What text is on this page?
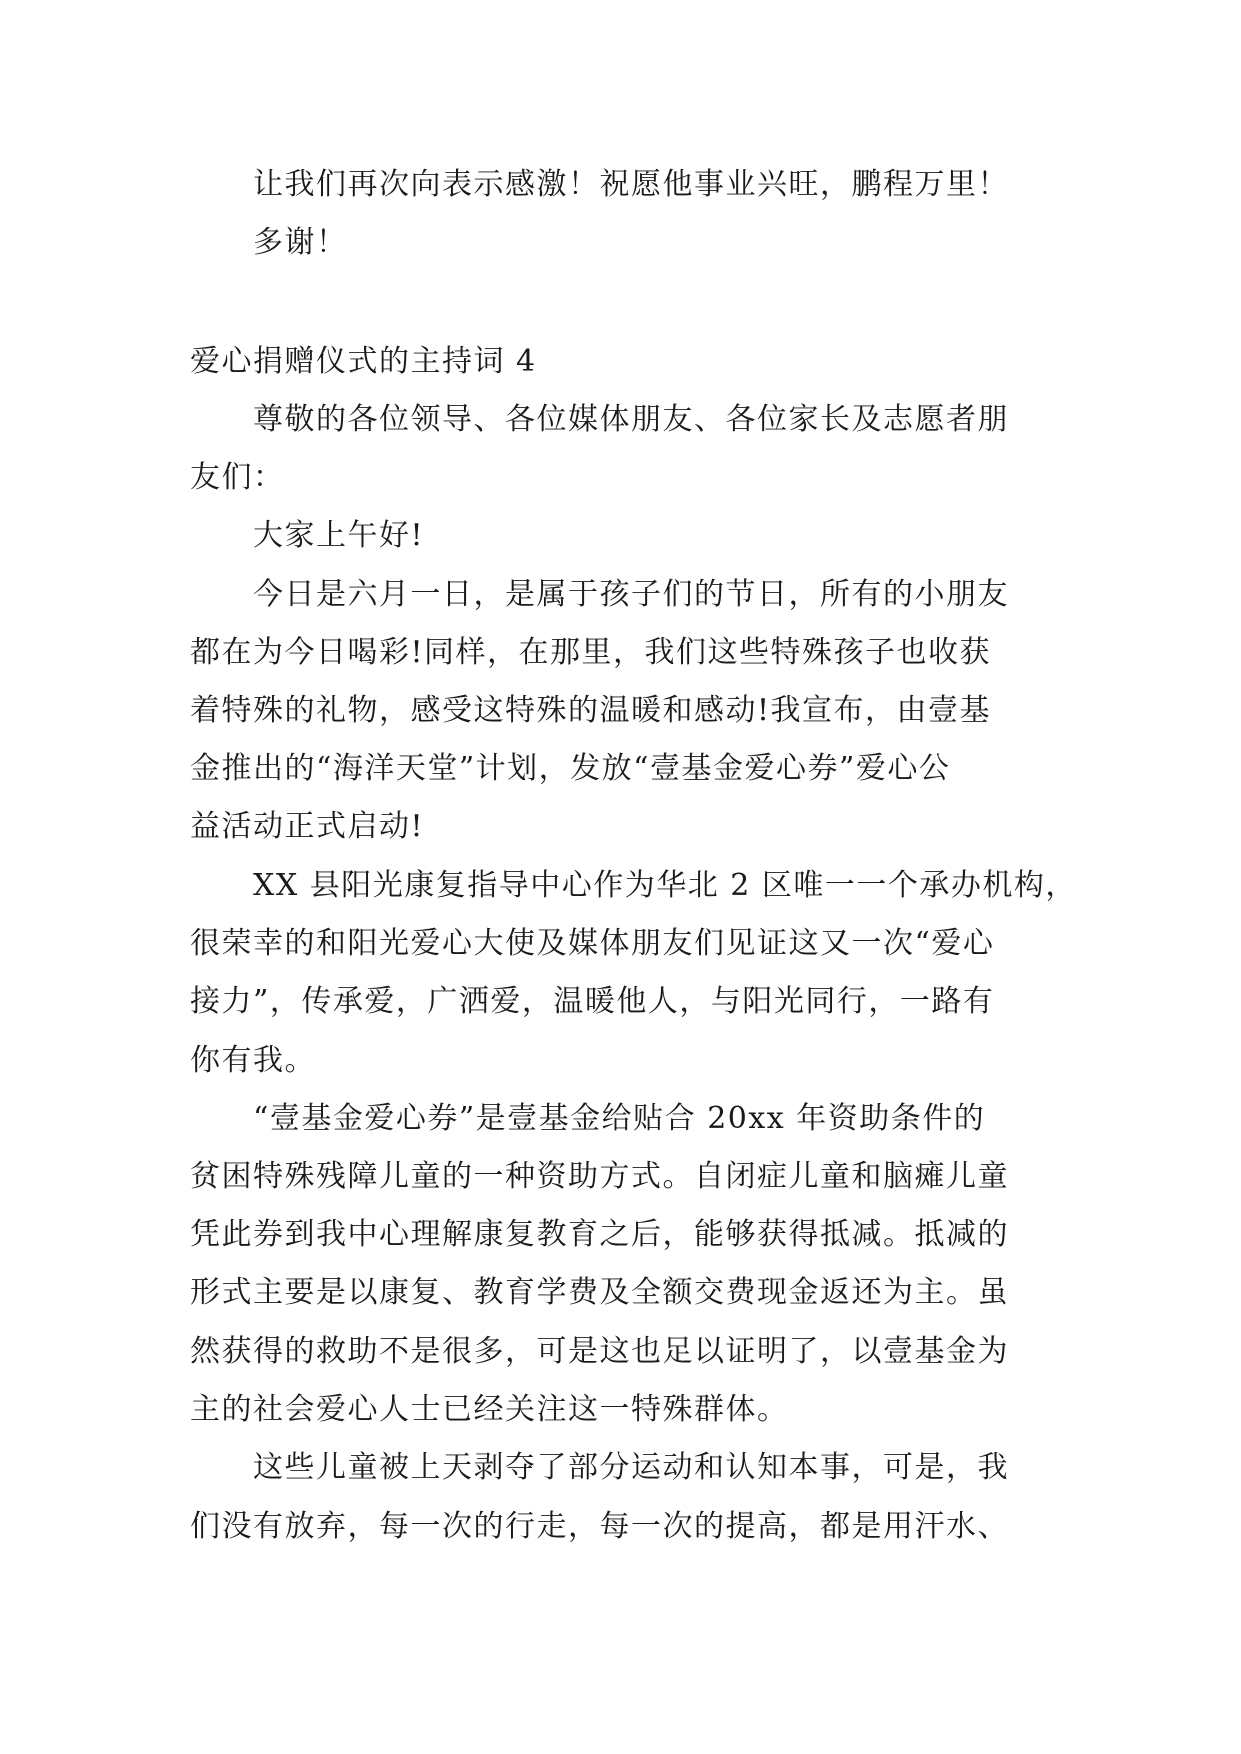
让我们再次向表示感激！祝愿他事业兴旺，鹏程万里！
多谢！
爱心捐赠仪式的主持词 4
尊敬的各位领导、各位媒体朋友、各位家长及志愿者朋
友们：
大家上午好!
今日是六月一日，是属于孩子们的节日，所有的小朋友
都在为今日喝彩!同样，在那里，我们这些特殊孩子也收获
着特殊的礼物，感受这特殊的温暖和感动!我宣布，由壹基
金推出的“海洋天堂”计划，发放“壹基金爱心券”爱心公
益活动正式启动!
XX 县阳光康复指导中心作为华北 2 区唯一一个承办机构，
很荣幸的和阳光爱心大使及媒体朋友们见证这又一次“爱心
接力”，传承爱，广洒爱，温暖他人，与阳光同行，一路有
你有我。
“壹基金爱心券”是壹基金给贴合 20xx 年资助条件的
贫困特殊残障儿童的一种资助方式。自闭症儿童和脑瘫儿童
凭此券到我中心理解康复教育之后，能够获得抵减。抵减的
形式主要是以康复、教育学费及全额交费现金返还为主。虽
然获得的救助不是很多，可是这也足以证明了，以壹基金为
主的社会爱心人士已经关注这一特殊群体。
这些儿童被上天剥夺了部分运动和认知本事，可是，我
们没有放弃，每一次的行走，每一次的提高，都是用汗水、
